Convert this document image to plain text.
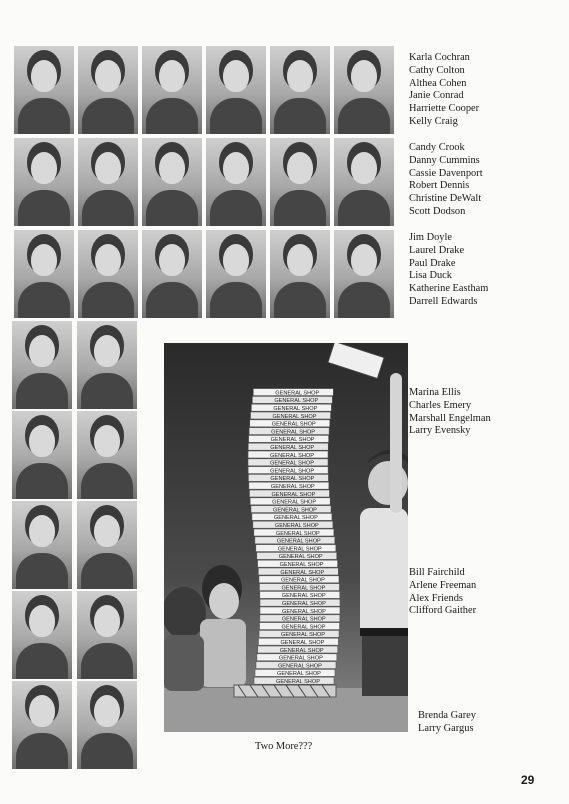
Karla Cochran
Cathy Colton
Althea Cohen
Janie Conrad
Harriette Cooper
Kelly Craig
Candy Crook
Danny Cummins
Cassie Davenport
Robert Dennis
Christine DeWalt
Scott Dodson
Jim Doyle
Laurel Drake
Paul Drake
Lisa Duck
Katherine Eastham
Darrell Edwards
Marina Ellis
Charles Emery
Marshall Engelman
Larry Evensky
Bill Fairchild
Arlene Freeman
Alex Friends
Clifford Gaither
Brenda Garey
Larry Gargus
GENERAL SHOP
GENERAL SHOP
GENERAL SHOP
GENERAL SHOP
GENERAL SHOP
GENERAL SHOP
GENERAL SHOP
GENERAL SHOP
GENERAL SHOP
GENERAL SHOP
GENERAL SHOP
GENERAL SHOP
GENERAL SHOP
GENERAL SHOP
GENERAL SHOP
GENERAL SHOP
GENERAL SHOP
GENERAL SHOP
GENERAL SHOP
GENERAL SHOP
GENERAL SHOP
GENERAL SHOP
GENERAL SHOP
GENERAL SHOP
GENERAL SHOP
GENERAL SHOP
GENERAL SHOP
GENERAL SHOP
GENERAL SHOP
GENERAL SHOP
GENERAL SHOP
GENERAL SHOP
GENERAL SHOP
GENERAL SHOP
GENERAL SHOP
GENERAL SHOP
GENERAL SHOP
GENERAL SHOP
Two More???
29
